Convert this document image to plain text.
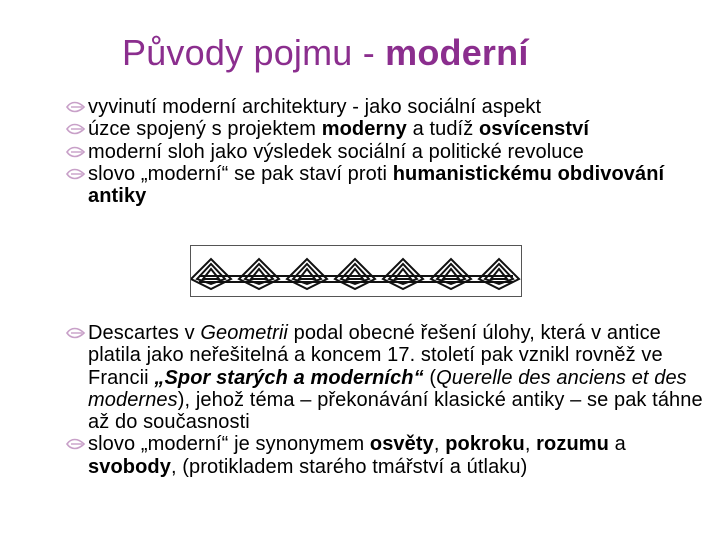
Původy pojmu - moderní
vyvinutí moderní architektury - jako sociální aspekt
úzce spojený s projektem moderny a tudíž osvícenství
moderní sloh jako výsledek sociální a politické revoluce
slovo „moderní“ se pak staví proti humanistickému obdivování antiky
Descartes v Geometrii podal obecné řešení úlohy, která v antice platila jako neřešitelná a koncem 17. století pak vznikl rovněž ve Francii „Spor starých a moderních“ (Querelle des anciens et des modernes), jehož téma – překonávání klasické antiky – se pak táhne až do současnosti
slovo „moderní“ je synonymem osvěty, pokroku, rozumu a svobody, (protikladem starého tmářství a útlaku)
